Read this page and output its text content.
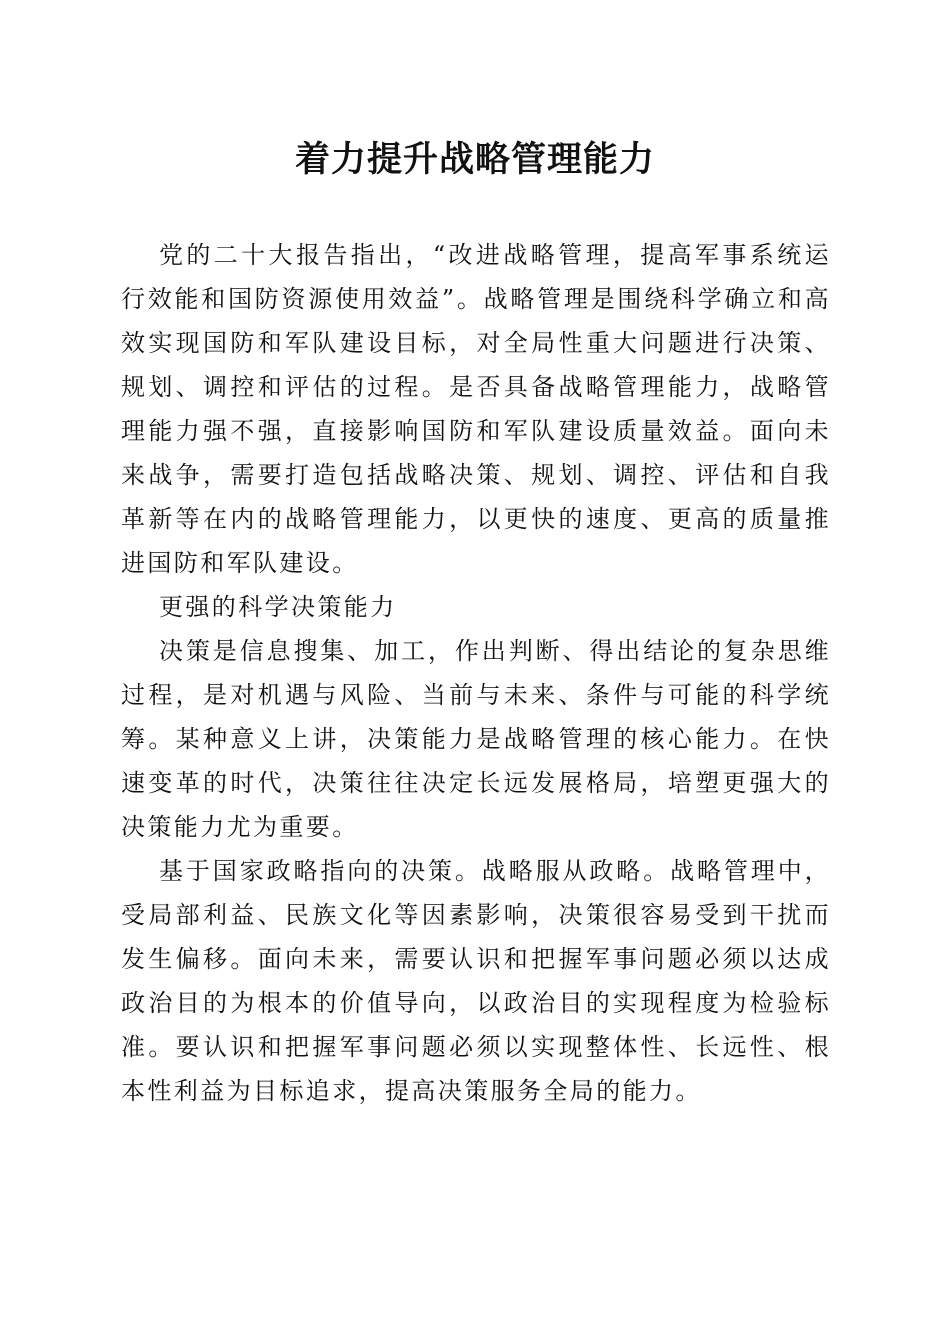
着力提升战略管理能力

党的二十大报告指出，“改进战略管理，提高军事系统运行效能和国防资源使用效益”。战略管理是围绕科学确立和高效实现国防和军队建设目标，对全局性重大问题进行决策、规划、调控和评估的过程。是否具备战略管理能力，战略管理能力强不强，直接影响国防和军队建设质量效益。面向未来战争，需要打造包括战略决策、规划、调控、评估和自我革新等在内的战略管理能力，以更快的速度、更高的质量推进国防和军队建设。

更强的科学决策能力

决策是信息搜集、加工，作出判断、得出结论的复杂思维过程，是对机遇与风险、当前与未来、条件与可能的科学统筹。某种意义上讲，决策能力是战略管理的核心能力。在快速变革的时代，决策往往决定长远发展格局，培塑更强大的决策能力尤为重要。

基于国家政略指向的决策。战略服从政略。战略管理中，受局部利益、民族文化等因素影响，决策很容易受到干扰而发生偏移。面向未来，需要认识和把握军事问题必须以达成政治目的为根本的价值导向，以政治目的实现程度为检验标准。要认识和把握军事问题必须以实现整体性、长远性、根本性利益为目标追求，提高决策服务全局的能力。
